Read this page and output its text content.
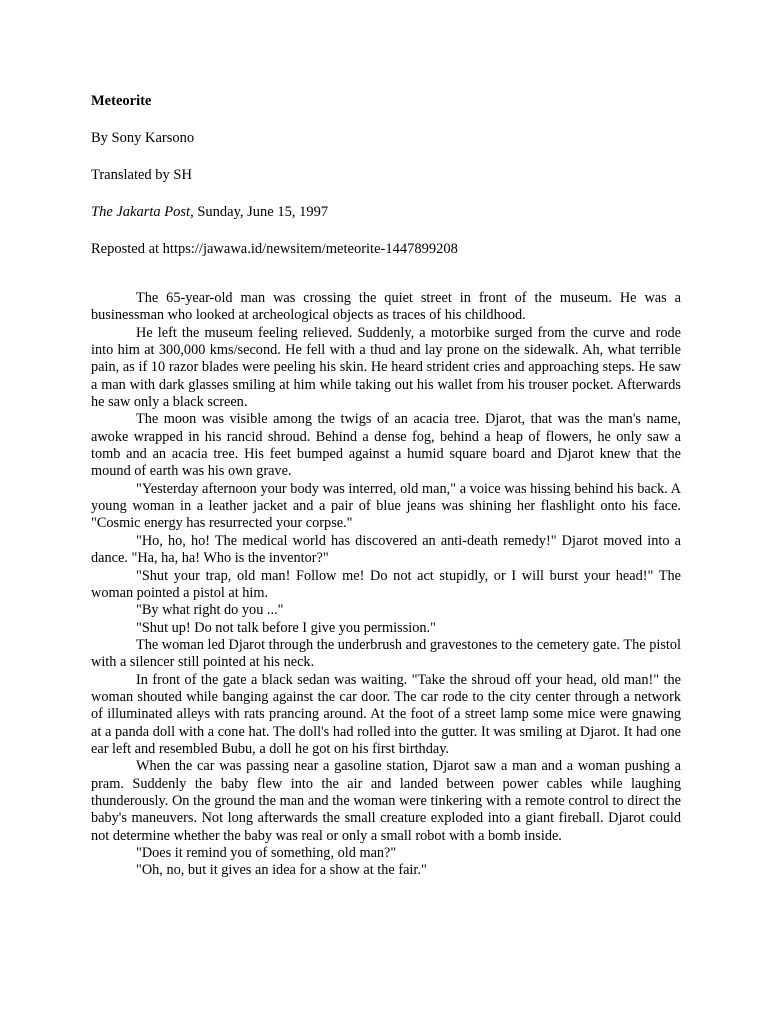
Meteorite
By Sony Karsono
Translated by SH
The Jakarta Post, Sunday, June 15, 1997
Reposted at https://jawawa.id/newsitem/meteorite-1447899208

The 65-year-old man was crossing the quiet street in front of the museum. He was a businessman who looked at archeological objects as traces of his childhood.

He left the museum feeling relieved. Suddenly, a motorbike surged from the curve and rode into him at 300,000 kms/second. He fell with a thud and lay prone on the sidewalk. Ah, what terrible pain, as if 10 razor blades were peeling his skin. He heard strident cries and approaching steps. He saw a man with dark glasses smiling at him while taking out his wallet from his trouser pocket. Afterwards he saw only a black screen.

The moon was visible among the twigs of an acacia tree. Djarot, that was the man's name, awoke wrapped in his rancid shroud. Behind a dense fog, behind a heap of flowers, he only saw a tomb and an acacia tree. His feet bumped against a humid square board and Djarot knew that the mound of earth was his own grave.

"Yesterday afternoon your body was interred, old man," a voice was hissing behind his back. A young woman in a leather jacket and a pair of blue jeans was shining her flashlight onto his face. "Cosmic energy has resurrected your corpse."

"Ho, ho, ho! The medical world has discovered an anti-death remedy!" Djarot moved into a dance. "Ha, ha, ha! Who is the inventor?"

"Shut your trap, old man! Follow me! Do not act stupidly, or I will burst your head!" The woman pointed a pistol at him.

"By what right do you ..."

"Shut up! Do not talk before I give you permission."

The woman led Djarot through the underbrush and gravestones to the cemetery gate. The pistol with a silencer still pointed at his neck.

In front of the gate a black sedan was waiting. "Take the shroud off your head, old man!" the woman shouted while banging against the car door. The car rode to the city center through a network of illuminated alleys with rats prancing around. At the foot of a street lamp some mice were gnawing at a panda doll with a cone hat. The doll's had rolled into the gutter. It was smiling at Djarot. It had one ear left and resembled Bubu, a doll he got on his first birthday.

When the car was passing near a gasoline station, Djarot saw a man and a woman pushing a pram. Suddenly the baby flew into the air and landed between power cables while laughing thunderously. On the ground the man and the woman were tinkering with a remote control to direct the baby's maneuvers. Not long afterwards the small creature exploded into a giant fireball. Djarot could not determine whether the baby was real or only a small robot with a bomb inside.

"Does it remind you of something, old man?"

"Oh, no, but it gives an idea for a show at the fair."
